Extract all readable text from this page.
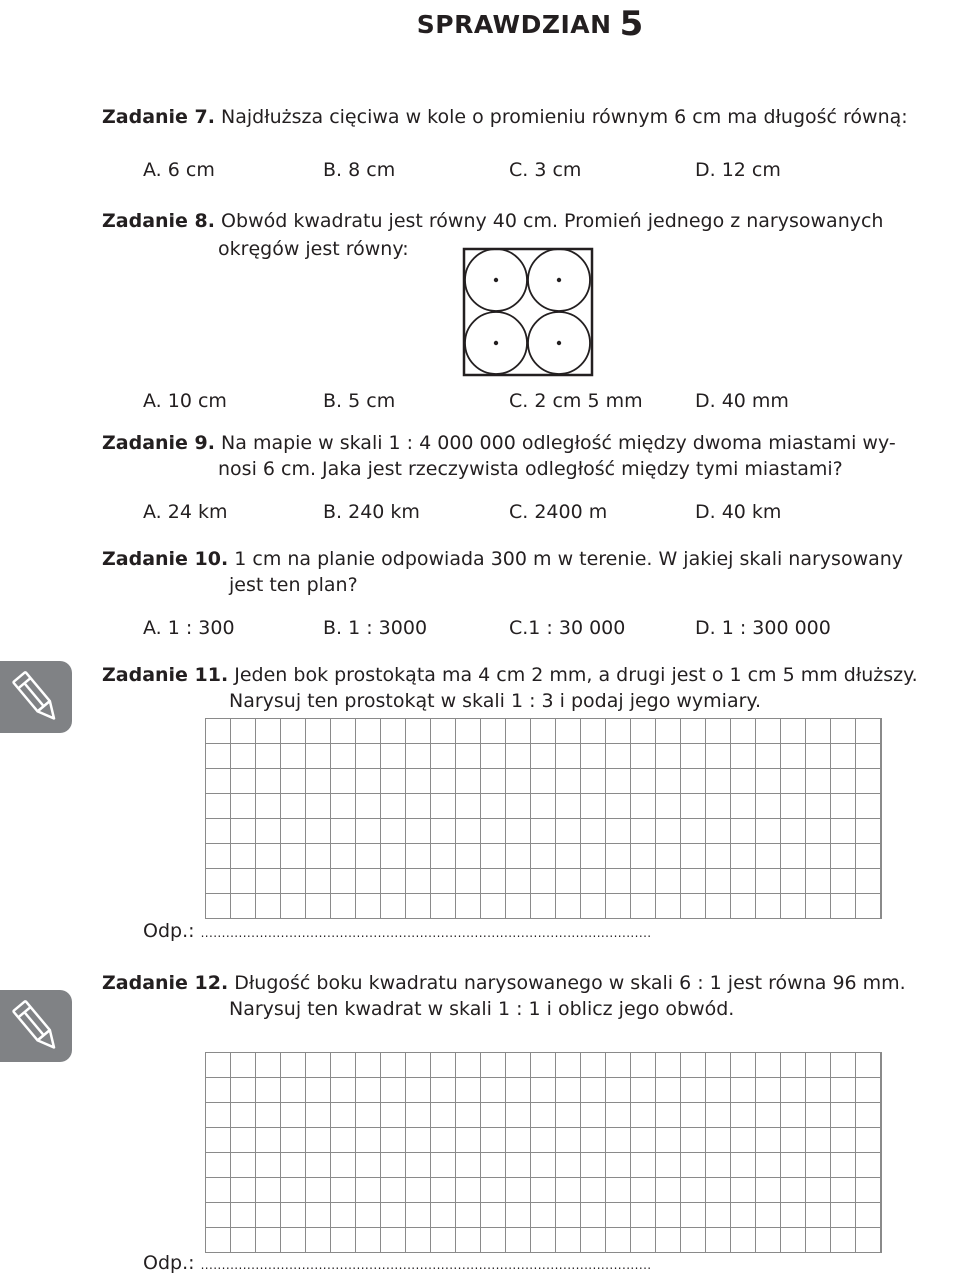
SPRAWDZIAN 5
Zadanie 7. Najdłuższa cięciwa w kole o promieniu równym 6 cm ma długość równą:
A. 6 cm	B. 8 cm	C. 3 cm	D. 12 cm
Zadanie 8. Obwód kwadratu jest równy 40 cm. Promień jednego z narysowanych
okręgów jest równy:
A. 10 cm	B. 5 cm	C. 2 cm 5 mm	D. 40 mm
Zadanie 9. Na mapie w skali 1 : 4 000 000 odległość między dwoma miastami wy-
nosi 6 cm. Jaka jest rzeczywista odległość między tymi miastami?
A. 24 km	B. 240 km	C. 2400 m	D. 40 km
Zadanie 10. 1 cm na planie odpowiada 300 m w terenie. W jakiej skali narysowany
jest ten plan?
A. 1 : 300	B. 1 : 3000	C.1 : 30 000	D. 1 : 300 000
Zadanie 11. Jeden bok prostokąta ma 4 cm 2 mm, a drugi jest o 1 cm 5 mm dłuższy.
Narysuj ten prostokąt w skali 1 : 3 i podaj jego wymiary.
Odp.: ...........................................................................................................
Zadanie 12. Długość boku kwadratu narysowanego w skali 6 : 1 jest równa 96 mm.
Narysuj ten kwadrat w skali 1 : 1 i oblicz jego obwód.
Odp.: ...........................................................................................................
